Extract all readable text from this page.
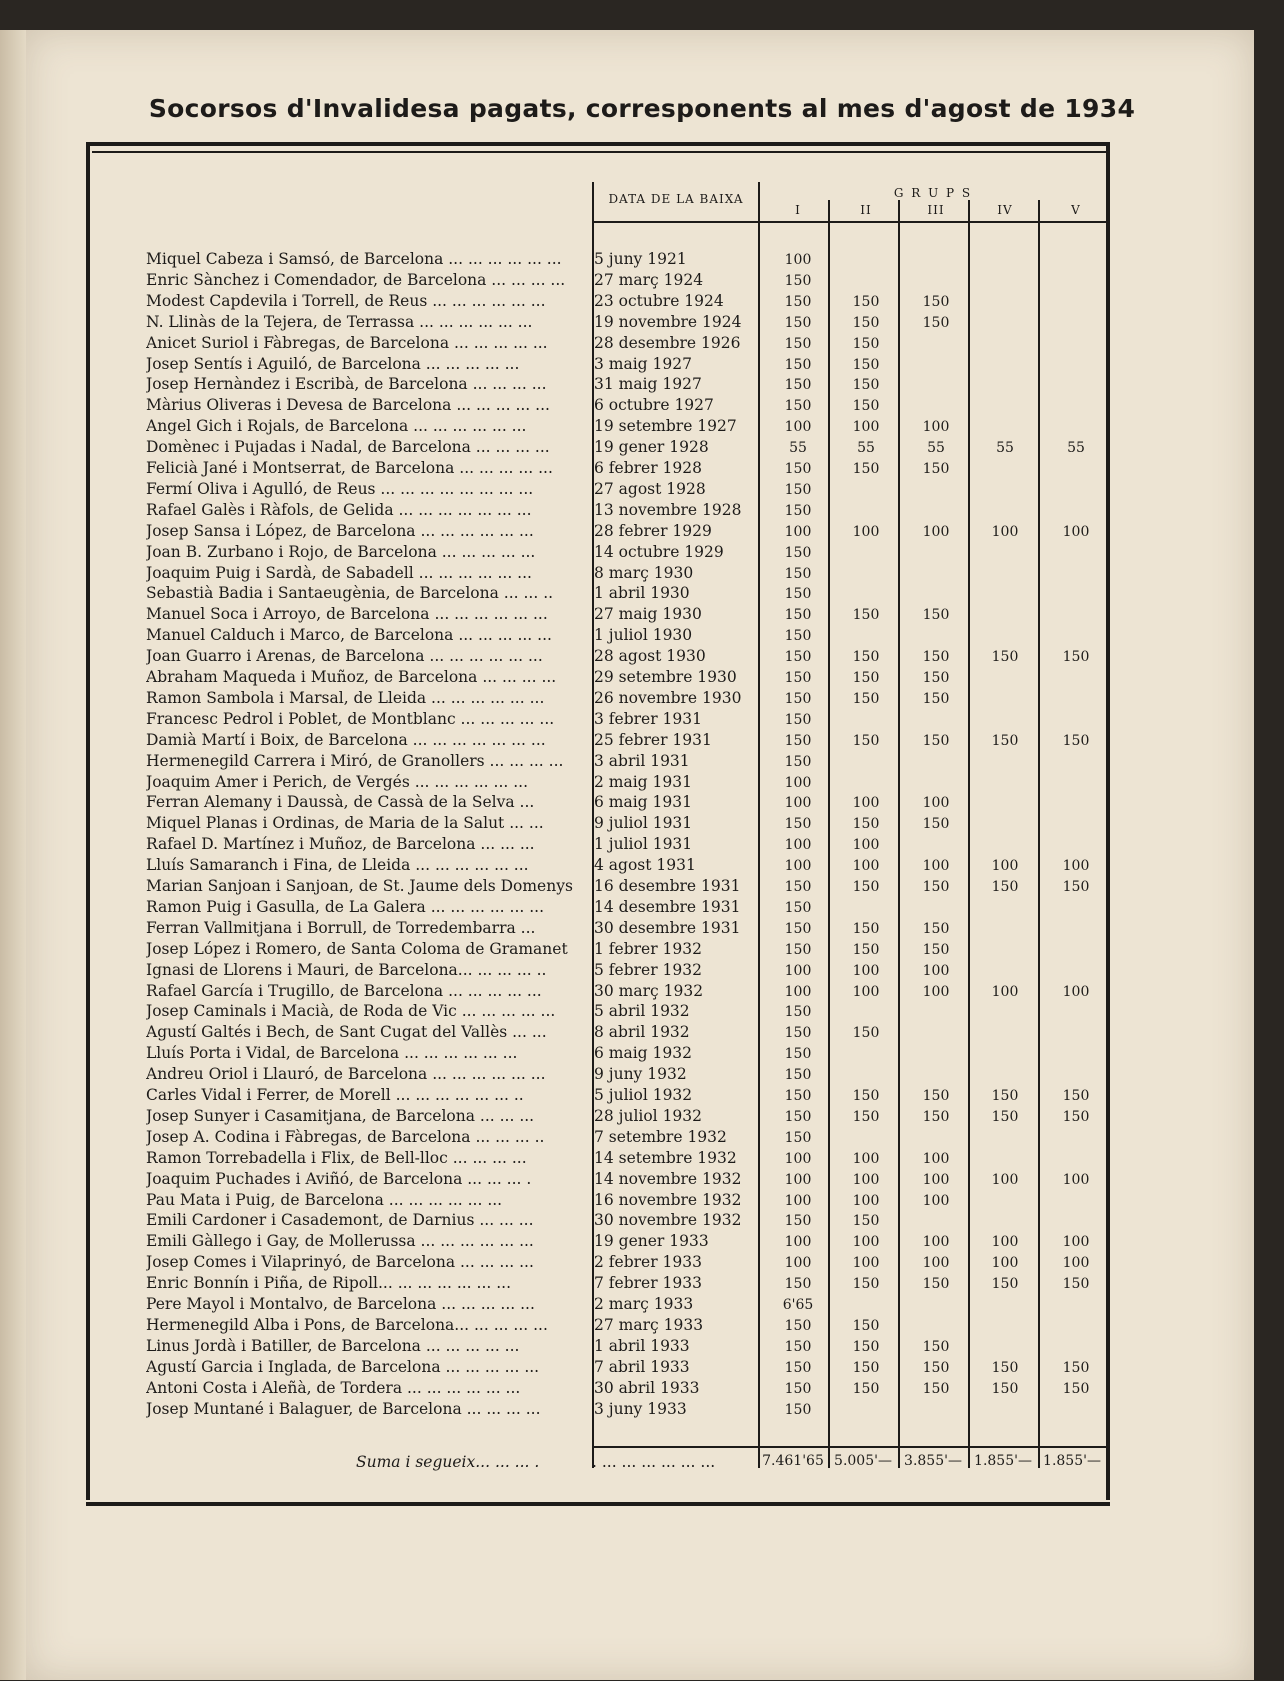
Socorsos d'Invalidesa pagats, corresponents al mes d'agost de 1934
DATA DE LA BAIXA	G R U P S
I	II	III	IV	V
Miquel Cabeza i Samsó, de Barcelona ... ... ... ... ... ...	5 juny 1921	100
Enric Sànchez i Comendador, de Barcelona ... ... ... ...	27 març 1924	150
Modest Capdevila i Torrell, de Reus ... ... ... ... ... ...	23 octubre 1924	150	150	150
N. Llinàs de la Tejera, de Terrassa ... ... ... ... ... ...	19 novembre 1924	150	150	150
Anicet Suriol i Fàbregas, de Barcelona ... ... ... ... ...	28 desembre 1926	150	150
Josep Sentís i Aguiló, de Barcelona ... ... ... ... ...	3 maig 1927	150	150
Josep Hernàndez i Escribà, de Barcelona ... ... ... ...	31 maig 1927	150	150
Màrius Oliveras i Devesa de Barcelona ... ... ... ... ...	6 octubre 1927	150	150
Angel Gich i Rojals, de Barcelona ... ... ... ... ... ...	19 setembre 1927	100	100	100
Domènec i Pujadas i Nadal, de Barcelona ... ... ... ...	19 gener 1928	55	55	55	55	55
Felicià Jané i Montserrat, de Barcelona ... ... ... ... ...	6 febrer 1928	150	150	150
Fermí Oliva i Agulló, de Reus ... ... ... ... ... ... ... ...	27 agost 1928	150
Rafael Galès i Ràfols, de Gelida ... ... ... ... ... ... ...	13 novembre 1928	150
Josep Sansa i López, de Barcelona ... ... ... ... ... ...	28 febrer 1929	100	100	100	100	100
Joan B. Zurbano i Rojo, de Barcelona ... ... ... ... ...	14 octubre 1929	150
Joaquim Puig i Sardà, de Sabadell ... ... ... ... ... ...	8 març 1930	150
Sebastià Badia i Santaeugènia, de Barcelona ... ... ..	1 abril 1930	150
Manuel Soca i Arroyo, de Barcelona ... ... ... ... ... ...	27 maig 1930	150	150	150
Manuel Calduch i Marco, de Barcelona ... ... ... ... ...	1 juliol 1930	150
Joan Guarro i Arenas, de Barcelona ... ... ... ... ... ...	28 agost 1930	150	150	150	150	150
Abraham Maqueda i Muñoz, de Barcelona ... ... ... ...	29 setembre 1930	150	150	150
Ramon Sambola i Marsal, de Lleida ... ... ... ... ... ...	26 novembre 1930	150	150	150
Francesc Pedrol i Poblet, de Montblanc ... ... ... ... ...	3 febrer 1931	150
Damià Martí i Boix, de Barcelona ... ... ... ... ... ... ...	25 febrer 1931	150	150	150	150	150
Hermenegild Carrera i Miró, de Granollers ... ... ... ...	3 abril 1931	150
Joaquim Amer i Perich, de Vergés ... ... ... ... ... ...	2 maig 1931	100
Ferran Alemany i Daussà, de Cassà de la Selva ...	6 maig 1931	100	100	100
Miquel Planas i Ordinas, de Maria de la Salut ... ...	9 juliol 1931	150	150	150
Rafael D. Martínez i Muñoz, de Barcelona ... ... ...	1 juliol 1931	100	100
Lluís Samaranch i Fina, de Lleida ... ... ... ... ... ...	4 agost 1931	100	100	100	100	100
Marian Sanjoan i Sanjoan, de St. Jaume dels Domenys	16 desembre 1931	150	150	150	150	150
Ramon Puig i Gasulla, de La Galera ... ... ... ... ... ...	14 desembre 1931	150
Ferran Vallmitjana i Borrull, de Torredembarra ...	30 desembre 1931	150	150	150
Josep López i Romero, de Santa Coloma de Gramanet	1 febrer 1932	150	150	150
Ignasi de Llorens i Mauri, de Barcelona... ... ... ... ..	5 febrer 1932	100	100	100
Rafael García i Trugillo, de Barcelona ... ... ... ... ...	30 març 1932	100	100	100	100	100
Josep Caminals i Macià, de Roda de Vic ... ... ... ... ...	5 abril 1932	150
Agustí Galtés i Bech, de Sant Cugat del Vallès ... ...	8 abril 1932	150	150
Lluís Porta i Vidal, de Barcelona ... ... ... ... ... ...	6 maig 1932	150
Andreu Oriol i Llauró, de Barcelona ... ... ... ... ... ...	9 juny 1932	150
Carles Vidal i Ferrer, de Morell ... ... ... ... ... ... ..	5 juliol 1932	150	150	150	150	150
Josep Sunyer i Casamitjana, de Barcelona ... ... ...	28 juliol 1932	150	150	150	150	150
Josep A. Codina i Fàbregas, de Barcelona ... ... ... ..	7 setembre 1932	150
Ramon Torrebadella i Flix, de Bell-lloc ... ... ... ...	14 setembre 1932	100	100	100
Joaquim Puchades i Aviñó, de Barcelona ... ... ... .	14 novembre 1932	100	100	100	100	100
Pau Mata i Puig, de Barcelona ... ... ... ... ... ...	16 novembre 1932	100	100	100
Emili Cardoner i Casademont, de Darnius ... ... ...	30 novembre 1932	150	150
Emili Gàllego i Gay, de Mollerussa ... ... ... ... ... ...	19 gener 1933	100	100	100	100	100
Josep Comes i Vilaprinyó, de Barcelona ... ... ... ...	2 febrer 1933	100	100	100	100	100
Enric Bonnín i Piña, de Ripoll... ... ... ... ... ... ...	7 febrer 1933	150	150	150	150	150
Pere Mayol i Montalvo, de Barcelona ... ... ... ... ...	2 març 1933	6'65
Hermenegild Alba i Pons, de Barcelona... ... ... ... ...	27 març 1933	150	150
Linus Jordà i Batiller, de Barcelona ... ... ... ... ...	1 abril 1933	150	150	150
Agustí Garcia i Inglada, de Barcelona ... ... ... ... ...	7 abril 1933	150	150	150	150	150
Antoni Costa i Aleñà, de Tordera ... ... ... ... ... ...	30 abril 1933	150	150	150	150	150
Josep Muntané i Balaguer, de Barcelona ... ... ... ...	3 juny 1933	150
Suma i segueix... ... ... .	. ... ... ... ... ... ...	7.461'65 5.005'— 3.855'— 1.855'— 1.855'—
